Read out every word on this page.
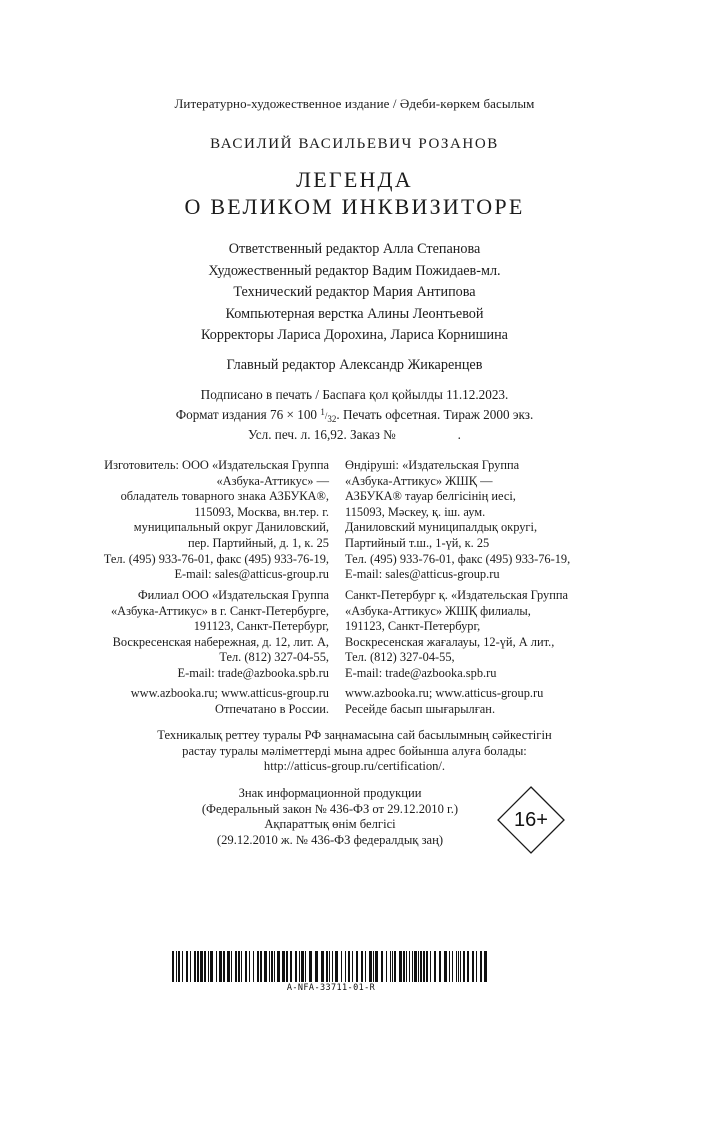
Литературно-художественное издание / Әдеби-көркем басылым
ВАСИЛИЙ ВАСИЛЬЕВИЧ РОЗАНОВ
ЛЕГЕНДА
О ВЕЛИКОМ ИНКВИЗИТОРЕ
Ответственный редактор Алла Степанова
Художественный редактор Вадим Пожидаев-мл.
Технический редактор Мария Антипова
Компьютерная верстка Алины Леонтьевой
Корректоры Лариса Дорохина, Лариса Корнишина
Главный редактор Александр Жикаренцев
Подписано в печать / Баспаға қол қойылды 11.12.2023.
Формат издания 76 × 100 $^1/_{32}$. Печать офсетная. Тираж 2000 экз.
Усл. печ. л. 16,92. Заказ №	.
Изготовитель: ООО «Издательская Группа
«Азбука-Аттикус» —
обладатель товарного знака АЗБУКА®,
115093, Москва, вн.тер. г.
муниципальный округ Даниловский,
пер. Партийный, д. 1, к. 25
Тел. (495) 933-76-01, факс (495) 933-76-19,
E-mail: sales@atticus-group.ru
Өндіруші: «Издательская Группа
«Азбука-Аттикус» ЖШҚ —
АЗБУКА® тауар белгісінің иесі,
115093, Мәскеу, қ. іш. аум.
Даниловский муниципалдық округі,
Партийный т.ш., 1-үй, к. 25
Тел. (495) 933-76-01, факс (495) 933-76-19,
E-mail: sales@atticus-group.ru
Филиал ООО «Издательская Группа
«Азбука-Аттикус» в г. Санкт-Петербурге,
191123, Санкт-Петербург,
Воскресенская набережная, д. 12, лит. А,
Тел. (812) 327-04-55,
E-mail: trade@azbooka.spb.ru
Санкт-Петербург қ. «Издательская Группа
«Азбука-Аттикус» ЖШҚ филиалы,
191123, Санкт-Петербург,
Воскресенская жағалауы, 12-үй, А лит.,
Тел. (812) 327-04-55,
E-mail: trade@azbooka.spb.ru
www.azbooka.ru; www.atticus-group.ru
Отпечатано в России.
www.azbooka.ru; www.atticus-group.ru
Ресейде басып шығарылған.
Техникалық реттеу туралы РФ заңнамасына сай басылымның сәйкестігін
растау туралы мәліметтерді мына адрес бойынша алуға болады:
http://atticus-group.ru/certification/.
Знак информационной продукции
(Федеральный закон № 436-ФЗ от 29.12.2010 г.)
Ақпараттық өнім белгісі
(29.12.2010 ж. № 436-ФЗ федералдық заң)
16+
A-NFA-33711-01-R
